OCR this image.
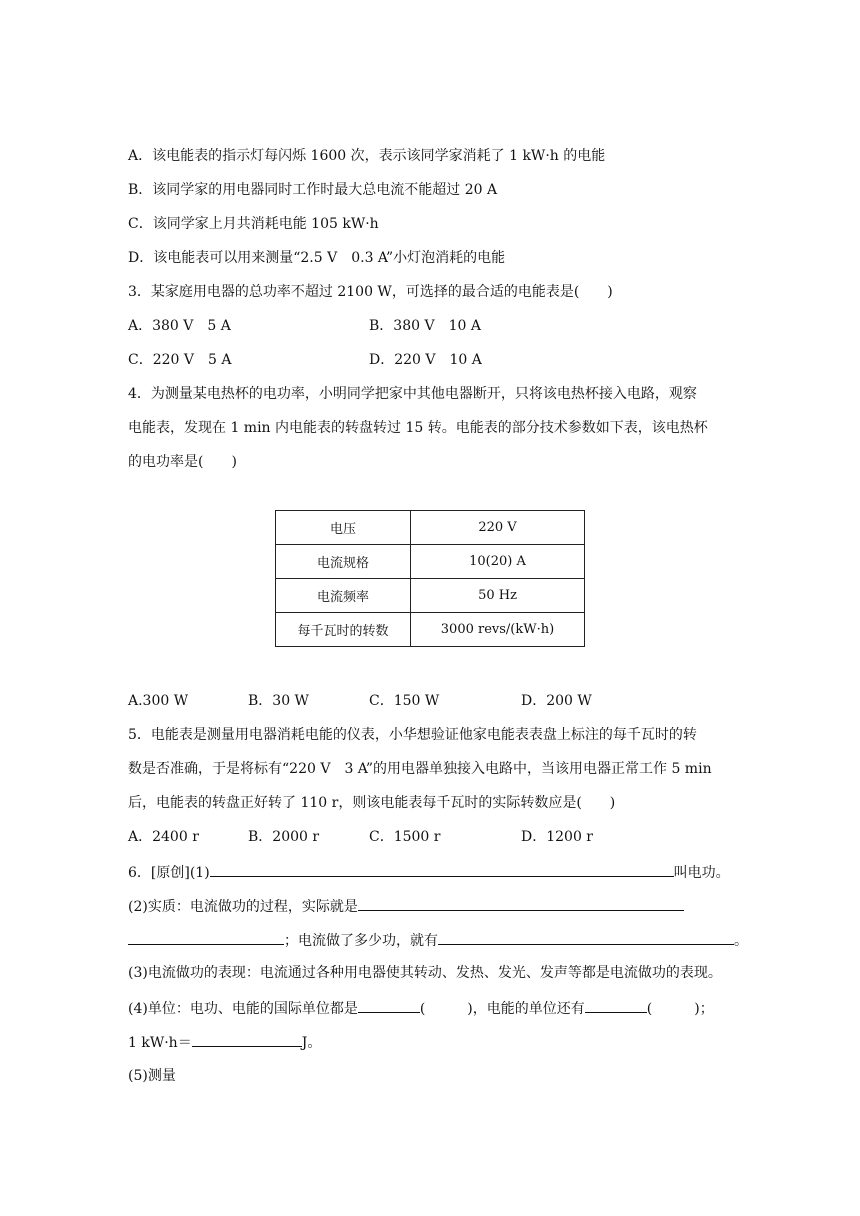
A．该电能表的指示灯每闪烁 1600 次，表示该同学家消耗了 1 kW·h 的电能
B．该同学家的用电器同时工作时最大总电流不能超过 20 A
C．该同学家上月共消耗电能 105 kW·h
D．该电能表可以用来测量“2.5 V　0.3 A”小灯泡消耗的电能
3．某家庭用电器的总功率不超过 2100 W，可选择的最合适的电能表是(　　)
A．380 V　5 A	B．380 V　10 A
C．220 V　5 A	D．220 V　10 A
4．为测量某电热杯的电功率，小明同学把家中其他电器断开，只将该电热杯接入电路，观察
电能表，发现在 1 min 内电能表的转盘转过 15 转。电能表的部分技术参数如下表，该电热杯
的电功率是(　　)
电压	220 V
电流规格	10(20) A
电流频率	50 Hz
每千瓦时的转数	3000 revs/(kW·h)
A.300 W	B．30 W	C．150 W	D．200 W
5．电能表是测量用电器消耗电能的仪表，小华想验证他家电能表表盘上标注的每千瓦时的转
数是否准确，于是将标有“220 V　3 A”的用电器单独接入电路中，当该用电器正常工作 5 min
后，电能表的转盘正好转了 110 r，则该电能表每千瓦时的实际转数应是(　　)
A．2400 r	B．2000 r	C．1500 r	D．1200 r
6．[原创](1)	叫电功。
(2)实质：电流做功的过程，实际就是
；电流做了多少功，就有	。
(3)电流做功的表现：电流通过各种用电器使其转动、发热、发光、发声等都是电流做功的表现。
(4)单位：电功、电能的国际单位都是	(　　　)，电能的单位还有	(　　　)；
1 kW·h＝	J。
(5)测量
